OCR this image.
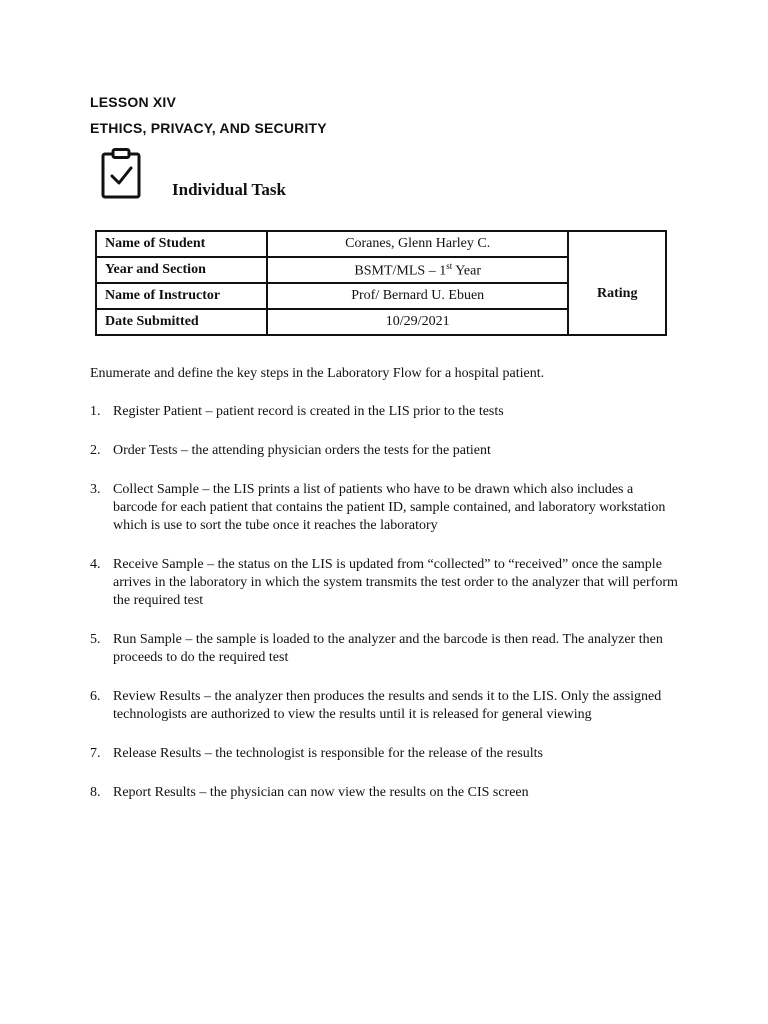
LESSON XIV
ETHICS, PRIVACY, AND SECURITY
Individual Task
Name of Student	Coranes, Glenn Harley C.	Rating
Year and Section	BSMT/MLS – 1st Year	
Name of Instructor	Prof/ Bernard U. Ebuen	
Date Submitted	10/29/2021	
Enumerate and define the key steps in the Laboratory Flow for a hospital patient.
1. Register Patient – patient record is created in the LIS prior to the tests
2. Order Tests – the attending physician orders the tests for the patient
3. Collect Sample – the LIS prints a list of patients who have to be drawn which also includes a barcode for each patient that contains the patient ID, sample contained, and laboratory workstation which is use to sort the tube once it reaches the laboratory
4. Receive Sample – the status on the LIS is updated from “collected” to “received” once the sample arrives in the laboratory in which the system transmits the test order to the analyzer that will perform the required test
5. Run Sample – the sample is loaded to the analyzer and the barcode is then read. The analyzer then proceeds to do the required test
6. Review Results – the analyzer then produces the results and sends it to the LIS. Only the assigned technologists are authorized to view the results until it is released for general viewing
7. Release Results – the technologist is responsible for the release of the results
8. Report Results – the physician can now view the results on the CIS screen
